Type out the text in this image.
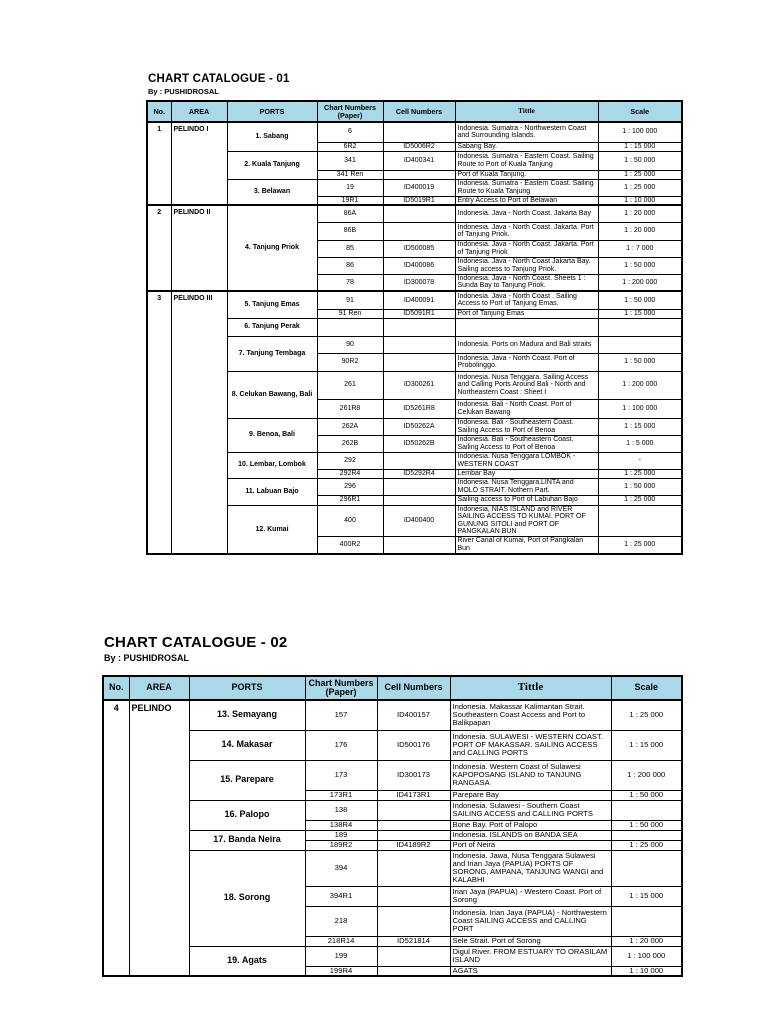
CHART CATALOGUE - 01
By : PUSHIDROSAL
No.	AREA	PORTS	Chart Numbers (Paper)	Cell Numbers	Tittle	Scale
1	PELINDO I	1. Sabang	6		Indonesia. Sumatra - Northwestern Coast and Surrounding Islands.	1 : 100 000
			6R2	ID5006R2	Sabang Bay.	1 : 15 000
		2. Kuala Tanjung	341	ID400341	Indonesia. Sumatra - Eastern Coast. Sailing Route to Port of Kuala Tanjung	1 : 50 000
			341 Ren		Port of Kuala Tanjung.	1 : 25 000
		3. Belawan	19	ID400019	Indonesia. Sumatra - Eastern Coast. Sailing Route to Kuala Tanjung	1 : 25 000
			19R1	ID5019R1	Entry Access to Port of Belawan	1 : 10 000
2	PELINDO II	4. Tanjung Priok	86A		Indonesia. Java - North Coast. Jakarta Bay	1 : 20 000
			86B		Indonesia. Java - North Coast. Jakarta. Port of Tanjung Priok.	1 : 20 000
			85	ID500085	Indonesia. Java - North Coast. Jakarta. Port of Tanjung Priok	1 : 7 000
			86	ID400086	Indonesia. Java - North Coast Jakarta Bay. Sailing access to Tanjung Priok.	1 : 50 000
			78	ID300078	Indonesia. Java - North Coast. Sheets 1 : Sunda Bay to Tanjung Priok.	1 : 200 000
3	PELINDO III	5. Tanjung Emas	91	ID400091	Indonesia. Java - North Coast . Sailing Access to Port of Tanjung Emas.	1 : 50 000
			91 Ren	ID5091R1	Port of Tanjung Emas	1 : 15 000
		6. Tanjung Perak				
		7. Tanjung Tembaga	90		Indonesia. Ports on Madura and Bali straits	
			90R2		Indonesia. Java - North Coast. Port of Probolinggo.	1 : 50 000
		8. Celukan Bawang, Bali	261	ID300261	Indonesia. Nusa Tenggara. Sailing Access and Calling Ports Around Bali - North and Northeastern Coast : Sheet I	1 : 200 000
			261R8	ID5261R8	Indonesia. Bali - North Coast. Port of Celukan Bawang	1 : 100 000
		9. Benoa, Bali	262A	ID50262A	Indonesia. Bali - Southeastern Coast. Sailing Access to Port of Benoa	1 : 15 000
			262B	ID50262B	Indonesia. Bali - Southeastern Coast. Sailing Access to Port of Benoa	1 : 5 000
		10. Lembar, Lombok	292		Indonesia. Nusa Tenggara LOMBOK - WESTERN COAST	-
			292R4	ID5292R4	Lembar Bay	1 : 25 000
		11. Labuan Bajo	296		Indonesia. Nusa Tenggara.LINTA and MOLO STRAIT. Nothern Part.	1 : 50 000
			296R1		Sailing access to Port of Labuhan Bajo	1 : 25 000
		12. Kumai	400	ID400400	Indonesia, NIAS ISLAND and RIVER SAILING ACCESS TO KUMAI. PORT OF GUNUNG SITOLI and PORT OF PANGKALAN BUN	
			400R2		River Canal of Kumai, Port of Pangkalan Bun	1 : 25 000
CHART CATALOGUE - 02
By : PUSHIDROSAL
No.	AREA	PORTS	Chart Numbers (Paper)	Cell Numbers	Tittle	Scale
4	PELINDO	13. Semayang	157	ID400157	Indonesia. Makassar Kalimantan Strait. Southeastern Coast Access and Port to Balikpapan	1 : 25 000
		14. Makasar	176	ID500176	Indonesia. SULAWESI - WESTERN COAST. PORT OF MAKASSAR. SAILING ACCESS and CALLING PORTS	1 : 15 000
		15. Parepare	173	ID300173	Indonesia. Western Coast of Sulawesi KAPOPOSANG ISLAND to TANJUNG RANGASA	1 : 200 000
			173R1	ID4173R1	Parepare Bay	1 : 50 000
		16. Palopo	138		Indonesia. Sulawesi - Southern Coast SAILING ACCESS and CALLING PORTS	
			138R4		Bone Bay. Port of Palopo	1 : 50 000
		17. Banda Neira	189		Indonesia. ISLANDS on BANDA SEA	
			189R2	ID4189R2	Port of Neira	1 : 25 000
		18. Sorong	394		Indonesia. Jawa, Nusa Tenggara Sulawesi and Irian Jaya (PAPUA) PORTS OF SORONG, AMPANA, TANJUNG WANGI and KALABHI	
			394R1		Irian Jaya (PAPUA) - Western Coast. Port of Sorong	1 : 15 000
			218		Indonesia. Irian Jaya (PAPUA) - Northwestern Coast SAILING ACCESS and CALLING PORT	
			218R14	ID521814	Sele Strait. Port of Sorong	1 : 20 000
		19. Agats	199		Digul River. FROM ESTUARY TO ORASILAM ISLAND	1 : 100 000
			199R4		AGATS	1 : 10 000
